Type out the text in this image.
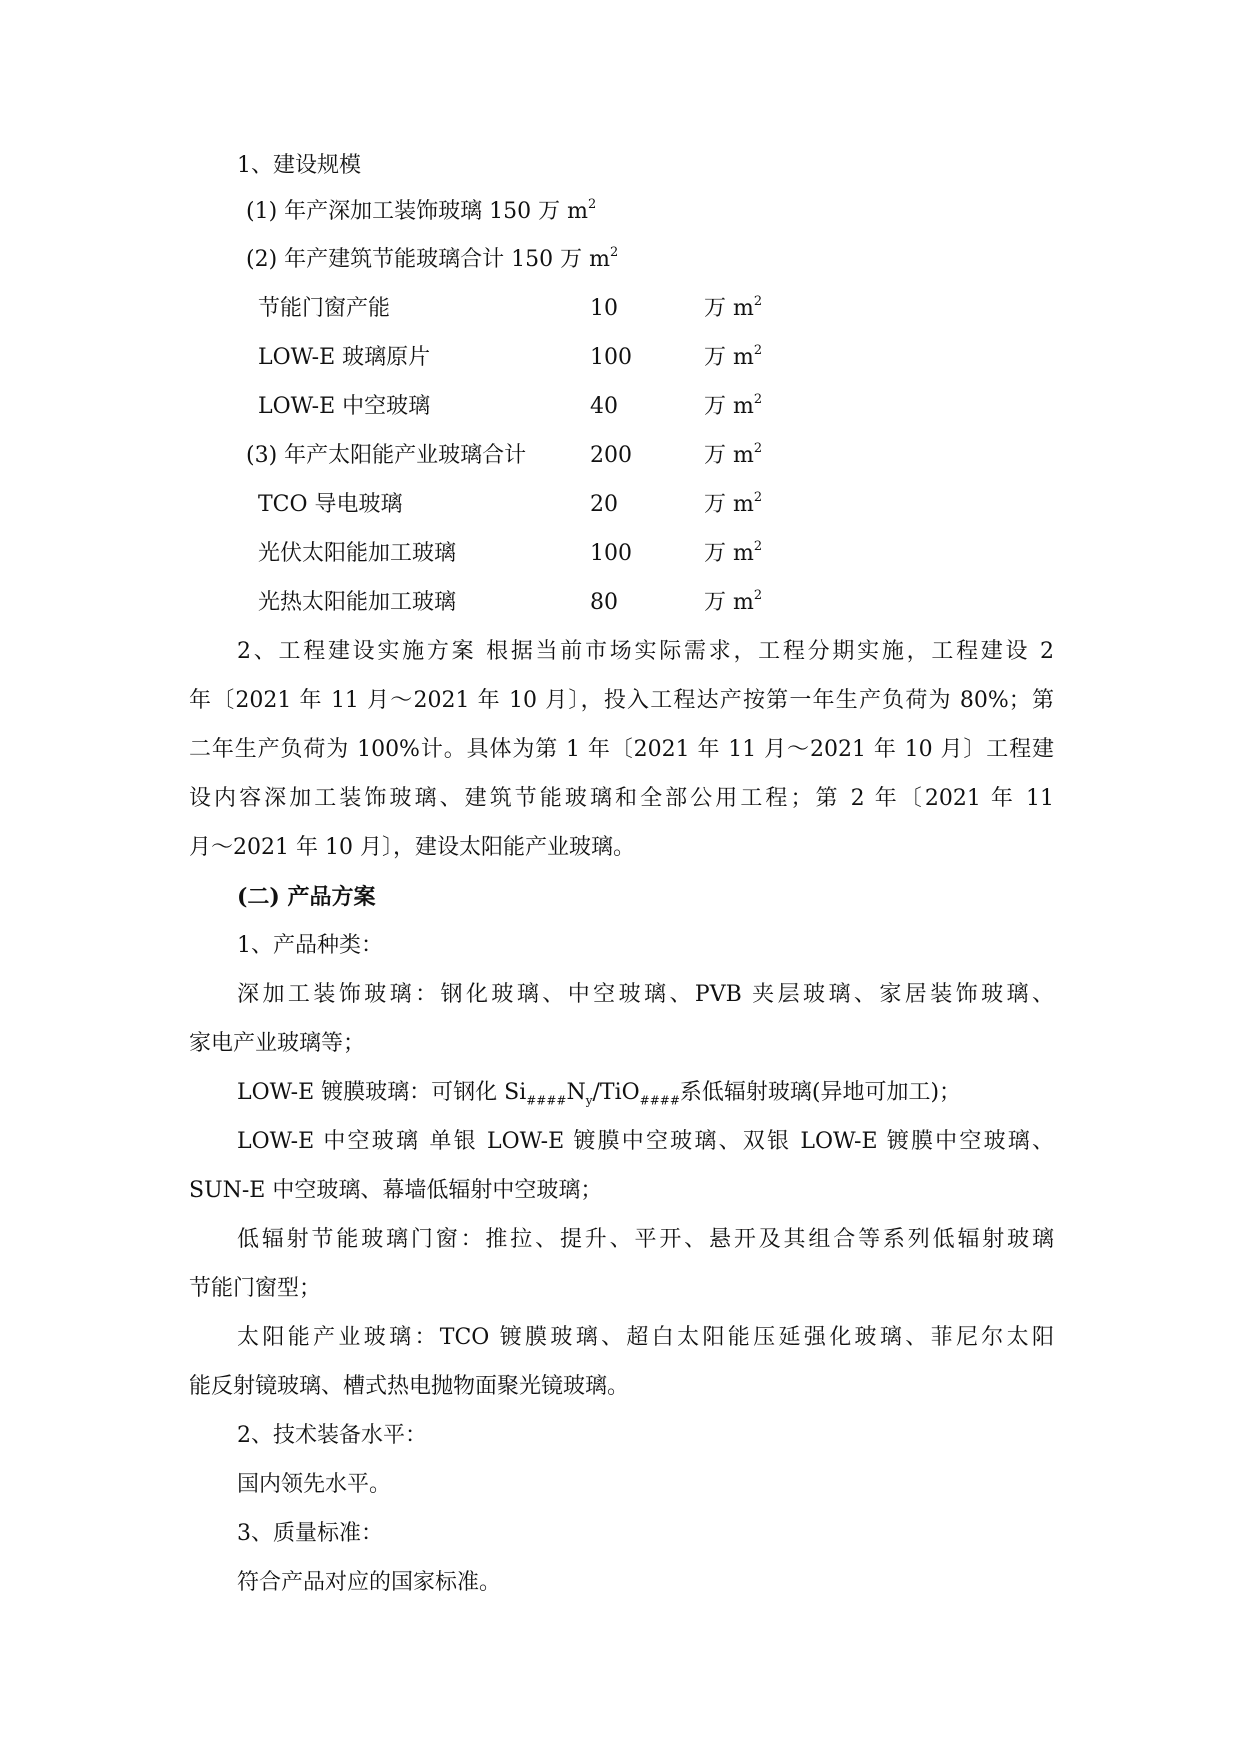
1、建设规模
(1) 年产深加工装饰玻璃 150 万 $m^2$
(2) 年产建筑节能玻璃合计 150 万 $m^2$
节能门窗产能	10	万 $m^2$
LOW-E 玻璃原片	100	万 $m^2$
LOW-E 中空玻璃	40	万 $m^2$
(3) 年产太阳能产业玻璃合计	200	万 $m^2$
TCO 导电玻璃	20	万 $m^2$
光伏太阳能加工玻璃	100	万 $m^2$
光热太阳能加工玻璃	80	万 $m^2$
2、工程建设实施方案 根据当前市场实际需求，工程分期实施，工程建设 2
年〔2021 年 11 月～2021 年 10 月〕，投入工程达产按第一年生产负荷为 80%；第
二年生产负荷为 100%计。具体为第 1 年〔2021 年 11 月～2021 年 10 月〕工程建
设内容深加工装饰玻璃、建筑节能玻璃和全部公用工程；第 2 年〔2021 年 11
月～2021 年 10 月〕，建设太阳能产业玻璃。
(二) 产品方案
1、产品种类：
深加工装饰玻璃：钢化玻璃、中空玻璃、PVB 夹层玻璃、家居装饰玻璃、
家电产业玻璃等；
LOW-E 镀膜玻璃：可钢化 $Si_{\#\#\#\#}N_y/TiO_{\#\#\#\#}$系低辐射玻璃(异地可加工)；
LOW-E 中空玻璃 单银 LOW-E 镀膜中空玻璃、双银 LOW-E 镀膜中空玻璃、
SUN-E 中空玻璃、幕墙低辐射中空玻璃；
低辐射节能玻璃门窗：推拉、提升、平开、悬开及其组合等系列低辐射玻璃
节能门窗型；
太阳能产业玻璃：TCO 镀膜玻璃、超白太阳能压延强化玻璃、菲尼尔太阳
能反射镜玻璃、槽式热电抛物面聚光镜玻璃。
2、技术装备水平：
国内领先水平。
3、质量标准：
符合产品对应的国家标准。
